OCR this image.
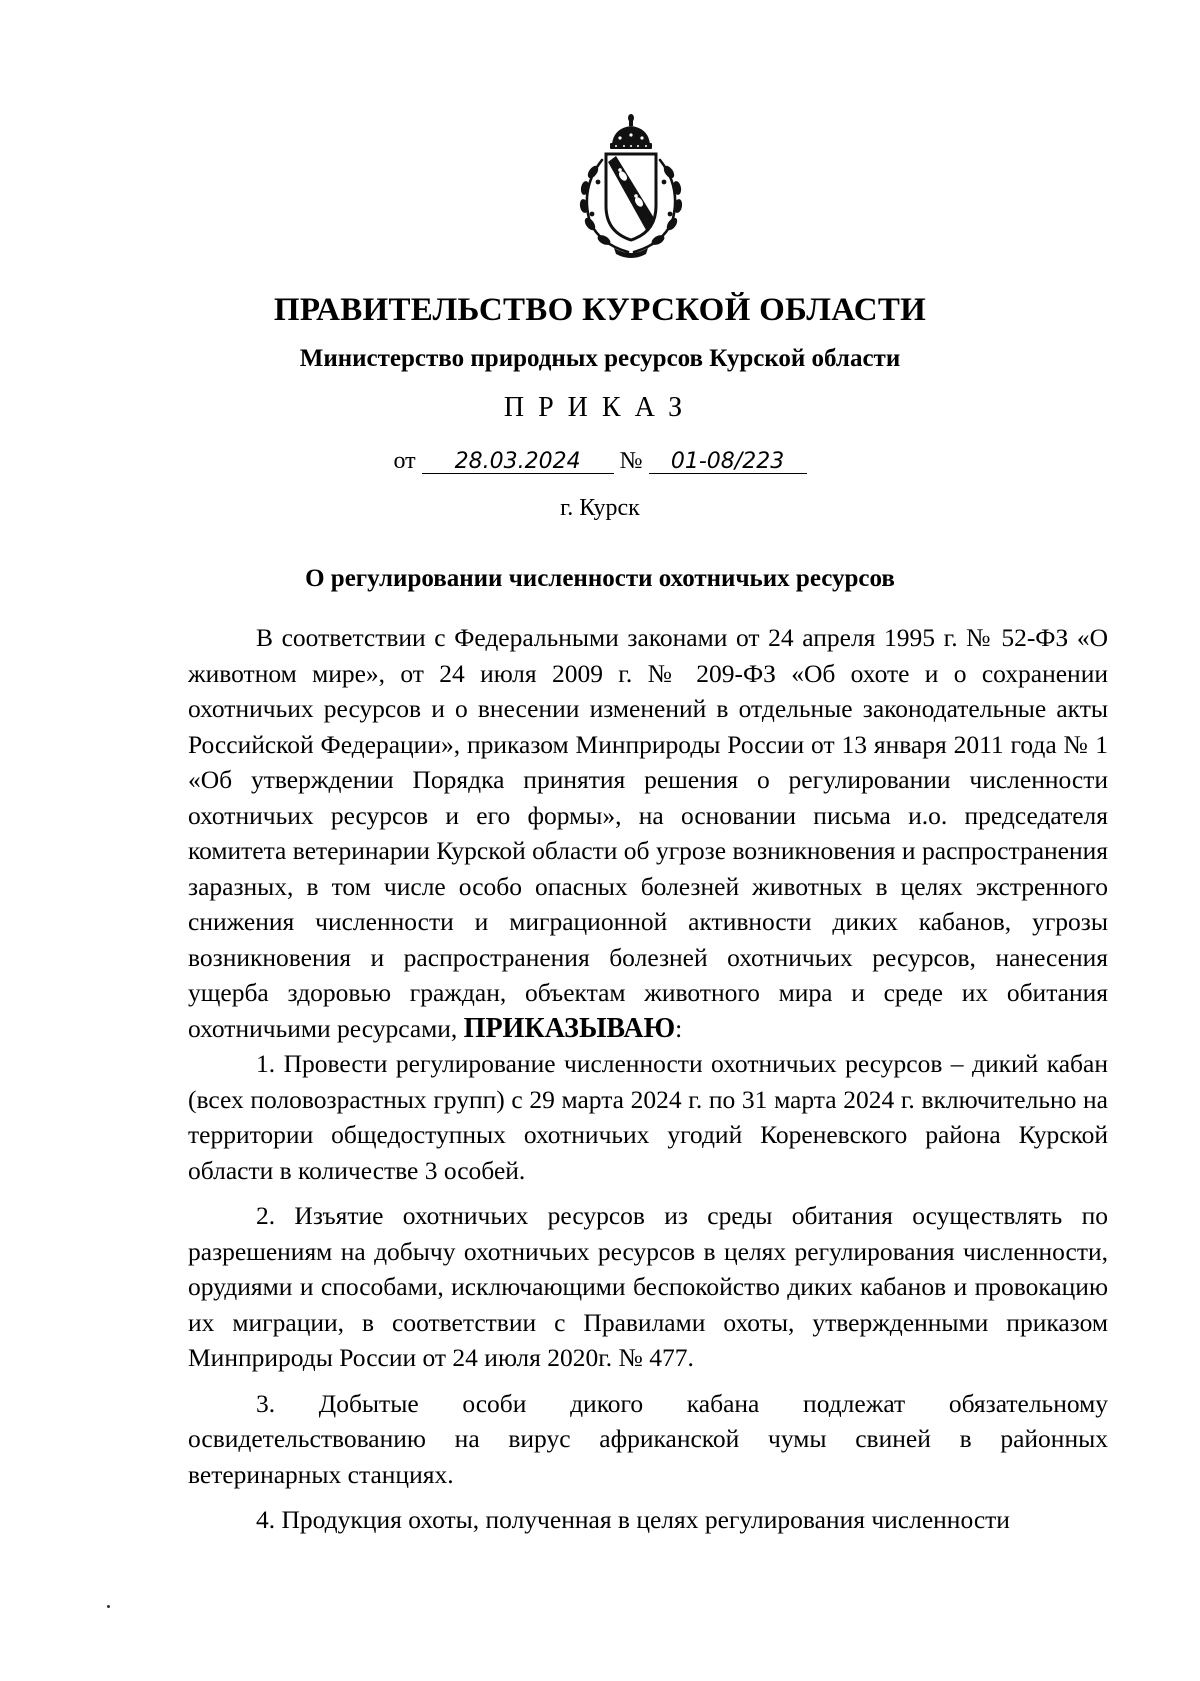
ПРАВИТЕЛЬСТВО КУРСКОЙ ОБЛАСТИ
Министерство природных ресурсов Курской области
ПРИКАЗ
от 28.03.2024 № 01-08/223
г. Курск
О регулировании численности охотничьих ресурсов

В соответствии с Федеральными законами от 24 апреля 1995 г. № 52-ФЗ «О животном мире», от 24 июля 2009 г. № 209-ФЗ «Об охоте и о сохранении охотничьих ресурсов и о внесении изменений в отдельные законодательные акты Российской Федерации», приказом Минприроды России от 13 января 2011 года № 1 «Об утверждении Порядка принятия решения о регулировании численности охотничьих ресурсов и его формы», на основании письма и.о. председателя комитета ветеринарии Курской области об угрозе возникновения и распространения заразных, в том числе особо опасных болезней животных в целях экстренного снижения численности и миграционной активности диких кабанов, угрозы возникновения и распространения болезней охотничьих ресурсов, нанесения ущерба здоровью граждан, объектам животного мира и среде их обитания охотничьими ресурсами, ПРИКАЗЫВАЮ:

1. Провести регулирование численности охотничьих ресурсов – дикий кабан (всех половозрастных групп) с 29 марта 2024 г. по 31 марта 2024 г. включительно на территории общедоступных охотничьих угодий Кореневского района Курской области в количестве 3 особей.

2. Изъятие охотничьих ресурсов из среды обитания осуществлять по разрешениям на добычу охотничьих ресурсов в целях регулирования численности, орудиями и способами, исключающими беспокойство диких кабанов и провокацию их миграции, в соответствии с Правилами охоты, утвержденными приказом Минприроды России от 24 июля 2020г. № 477.

3. Добытые особи дикого кабана подлежат обязательному освидетельствованию на вирус африканской чумы свиней в районных ветеринарных станциях.

4. Продукция охоты, полученная в целях регулирования численности
